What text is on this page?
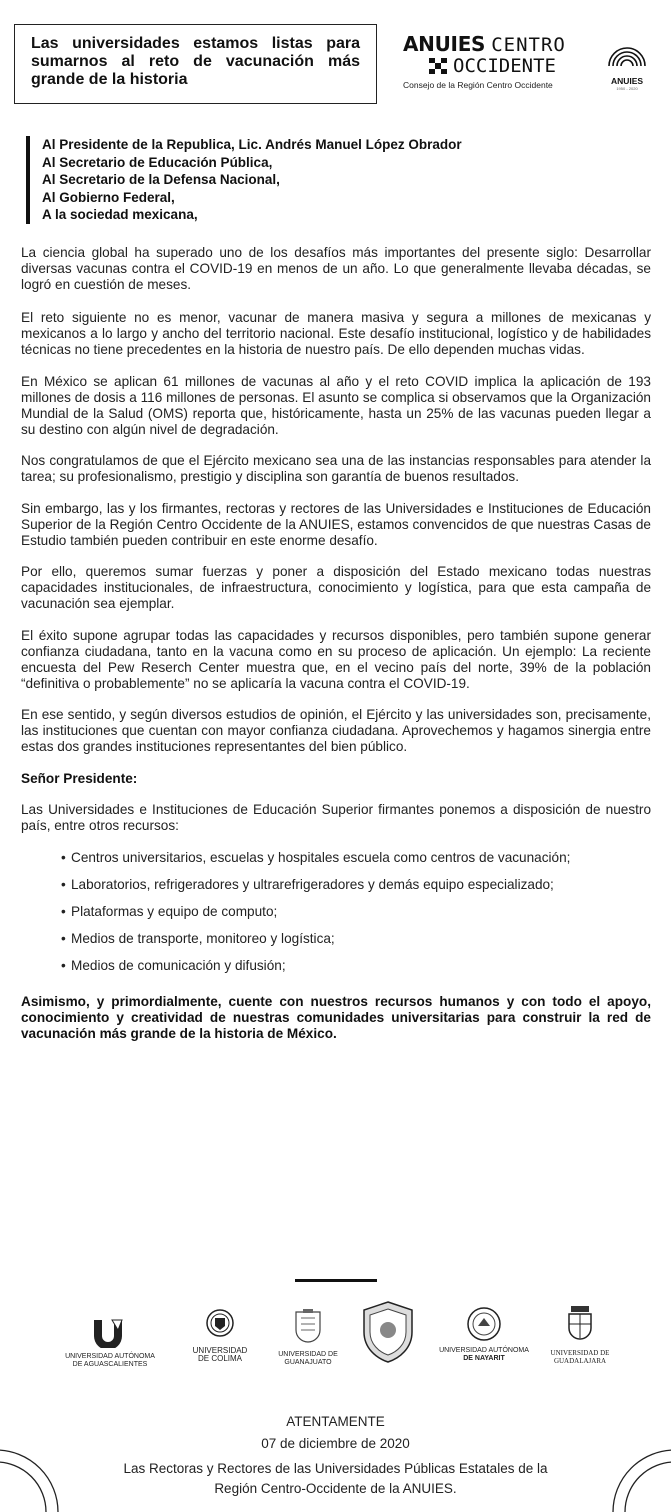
Las universidades estamos listas para sumarnos al reto de vacunación más grande de la historia
ANUIES CENTRO
OCCIDENTE
Consejo de la Región Centro Occidente	ANUIES
1950 - 2020
Al Presidente de la Republica, Lic. Andrés Manuel López Obrador
Al Secretario de Educación Pública,
Al Secretario de la Defensa Nacional,
Al Gobierno Federal,
A la sociedad mexicana,

La ciencia global ha superado uno de los desafíos más importantes del presente siglo: Desarrollar diversas vacunas contra el COVID-19 en menos de un año. Lo que generalmente llevaba décadas, se logró en cuestión de meses.

El reto siguiente no es menor, vacunar de manera masiva y segura a millones de mexicanas y mexicanos a lo largo y ancho del territorio nacional. Este desafío institucional, logístico y de habilidades técnicas no tiene precedentes en la historia de nuestro país. De ello dependen muchas vidas.

En México se aplican 61 millones de vacunas al año y el reto COVID implica la aplicación de 193 millones de dosis a 116 millones de personas. El asunto se complica si observamos que la Organización Mundial de la Salud (OMS) reporta que, históricamente, hasta un 25% de las vacunas pueden llegar a su destino con algún nivel de degradación.

Nos congratulamos de que el Ejército mexicano sea una de las instancias responsables para atender la tarea; su profesionalismo, prestigio y disciplina son garantía de buenos resultados.

Sin embargo, las y los firmantes, rectoras y rectores de las Universidades e Instituciones de Educación Superior de la Región Centro Occidente de la ANUIES, estamos convencidos de que nuestras Casas de Estudio también pueden contribuir en este enorme desafío.

Por ello, queremos sumar fuerzas y poner a disposición del Estado mexicano todas nuestras capacidades institucionales, de infraestructura, conocimiento y logística, para que esta campaña de vacunación sea ejemplar.

El éxito supone agrupar todas las capacidades y recursos disponibles, pero también supone generar confianza ciudadana, tanto en la vacuna como en su proceso de aplicación. Un ejemplo: La reciente encuesta del Pew Reserch Center muestra que, en el vecino país del norte, 39% de la población “definitiva o probablemente” no se aplicaría la vacuna contra el COVID-19.

En ese sentido, y según diversos estudios de opinión, el Ejército y las universidades son, precisamente, las instituciones que cuentan con mayor confianza ciudadana. Aprovechemos y hagamos sinergia entre estas dos grandes instituciones representantes del bien público.

Señor Presidente:

Las Universidades e Instituciones de Educación Superior firmantes ponemos a disposición de nuestro país, entre otros recursos:

• Centros universitarios, escuelas y hospitales escuela como centros de vacunación;
• Laboratorios, refrigeradores y ultrarefrigeradores y demás equipo especializado;
• Plataformas y equipo de computo;
• Medios de transporte, monitoreo y logística;
• Medios de comunicación y difusión;

Asimismo, y primordialmente, cuente con nuestros recursos humanos y con todo el apoyo, conocimiento y creatividad de nuestras comunidades universitarias para construir la red de vacunación más grande de la historia de México.

UNIVERSIDAD AUTÓNOMA
DE AGUASCALIENTES
UNIVERSIDAD
DE COLIMA	UNIVERSIDAD DE
GUANAJUATO
UNIVERSIDAD AUTÓNOMA
DE NAYARIT
UNIVERSIDAD DE
GUADALAJARA
ATENTAMENTE
07 de diciembre de 2020
Las Rectoras y Rectores de las Universidades Públicas Estatales de la
Región Centro-Occidente de la ANUIES.
